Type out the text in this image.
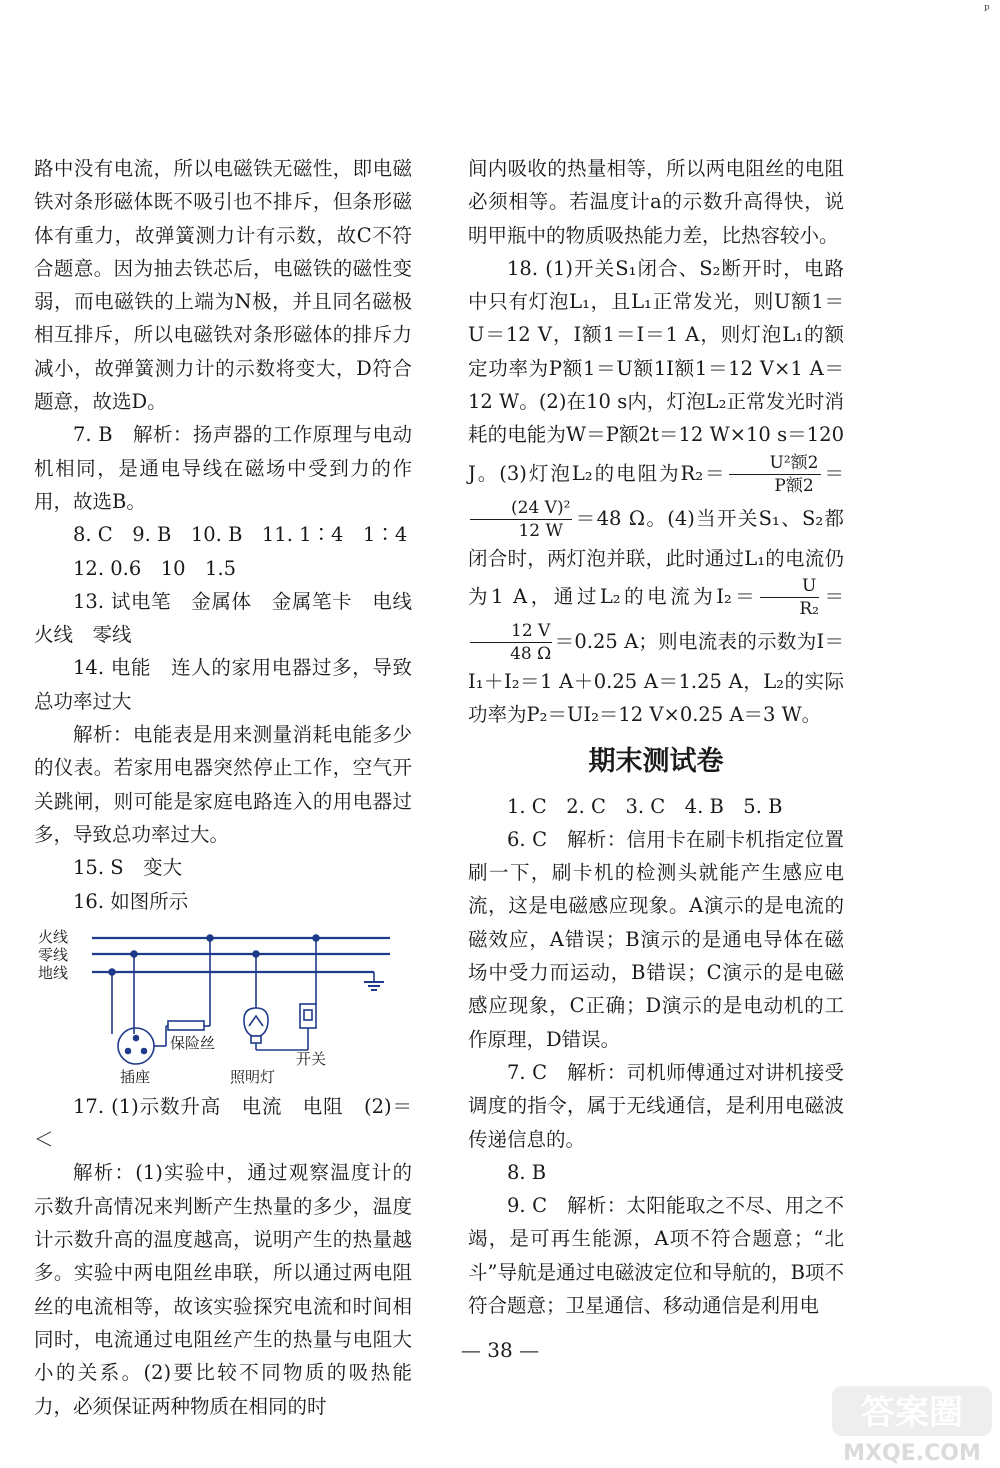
ᵖ

路中没有电流，所以电磁铁无磁性，即电磁铁对条形磁体既不吸引也不排斥，但条形磁体有重力，故弹簧测力计有示数，故C不符合题意。因为抽去铁芯后，电磁铁的磁性变弱，而电磁铁的上端为N极，并且同名磁极相互排斥，所以电磁铁对条形磁体的排斥力减小，故弹簧测力计的示数将变大，D符合题意，故选D。

7. B　解析：扬声器的工作原理与电动机相同，是通电导线在磁场中受到力的作用，故选B。

8. C　9. B　10. B　11. 1∶4　1∶4

12. 0.6　10　1.5

13. 试电笔　金属体　金属笔卡　电线　火线　零线

14. 电能　连人的家用电器过多，导致总功率过大

解析：电能表是用来测量消耗电能多少的仪表。若家用电器突然停止工作，空气开关跳闸，则可能是家庭电路连入的用电器过多，导致总功率过大。

15. S　变大

16. 如图所示

火线
零线
地线
保险丝
插座	照明灯
开关

17. (1)示数升高　电流　电阻　(2)＝　＜

解析：(1)实验中，通过观察温度计的示数升高情况来判断产生热量的多少，温度计示数升高的温度越高，说明产生的热量越多。实验中两电阻丝串联，所以通过两电阻丝的电流相等，故该实验探究电流和时间相同时，电流通过电阻丝产生的热量与电阻大小的关系。(2)要比较不同物质的吸热能力，必须保证两种物质在相同的时

间内吸收的热量相等，所以两电阻丝的电阻必须相等。若温度计a的示数升高得快，说明甲瓶中的物质吸热能力差，比热容较小。

18. (1)开关S₁闭合、S₂断开时，电路中只有灯泡L₁，且L₁正常发光，则U额1＝U＝12 V，I额1＝I＝1 A，则灯泡L₁的额定功率为P额1＝U额1I额1＝12 V×1 A＝12 W。(2)在10 s内，灯泡L₂正常发光时消耗的电能为W＝P额2t＝12 W×10 s＝120 J。(3)灯泡L₂的电阻为$R_2= \frac{\text{U²额2}}{\text{P额2}}$ ＝
$\frac{\text{(24 V)²}}{12 W} =48$ Ω。(4)当开关S₁、S₂都闭合时，两灯泡并联，此时通过L₁的电流仍为1 A，通过L₂的电流为$I_2= \frac{U}{\text{R₂}}$ ＝
$\frac{12 V}{48 \Omega} =0.25$ A；则电流表的示数为I＝I₁＋I₂＝1 A＋0.25 A＝1.25 A，L₂的实际功率为P₂＝UI₂＝12 V×0.25 A＝3 W。

期末测试卷

1. C　2. C　3. C　4. B　5. B

6. C　解析：信用卡在刷卡机指定位置刷一下，刷卡机的检测头就能产生感应电流，这是电磁感应现象。A演示的是电流的磁效应，A错误；B演示的是通电导体在磁场中受力而运动，B错误；C演示的是电磁感应现象，C正确；D演示的是电动机的工作原理，D错误。

7. C　解析：司机师傅通过对讲机接受调度的指令，属于无线通信，是利用电磁波传递信息的。

8. B

9. C　解析：太阳能取之不尽、用之不竭，是可再生能源，A项不符合题意；“北斗”导航是通过电磁波定位和导航的，B项不符合题意；卫星通信、移动通信是利用电

— 38 —
答案圈
MXQE.COM
